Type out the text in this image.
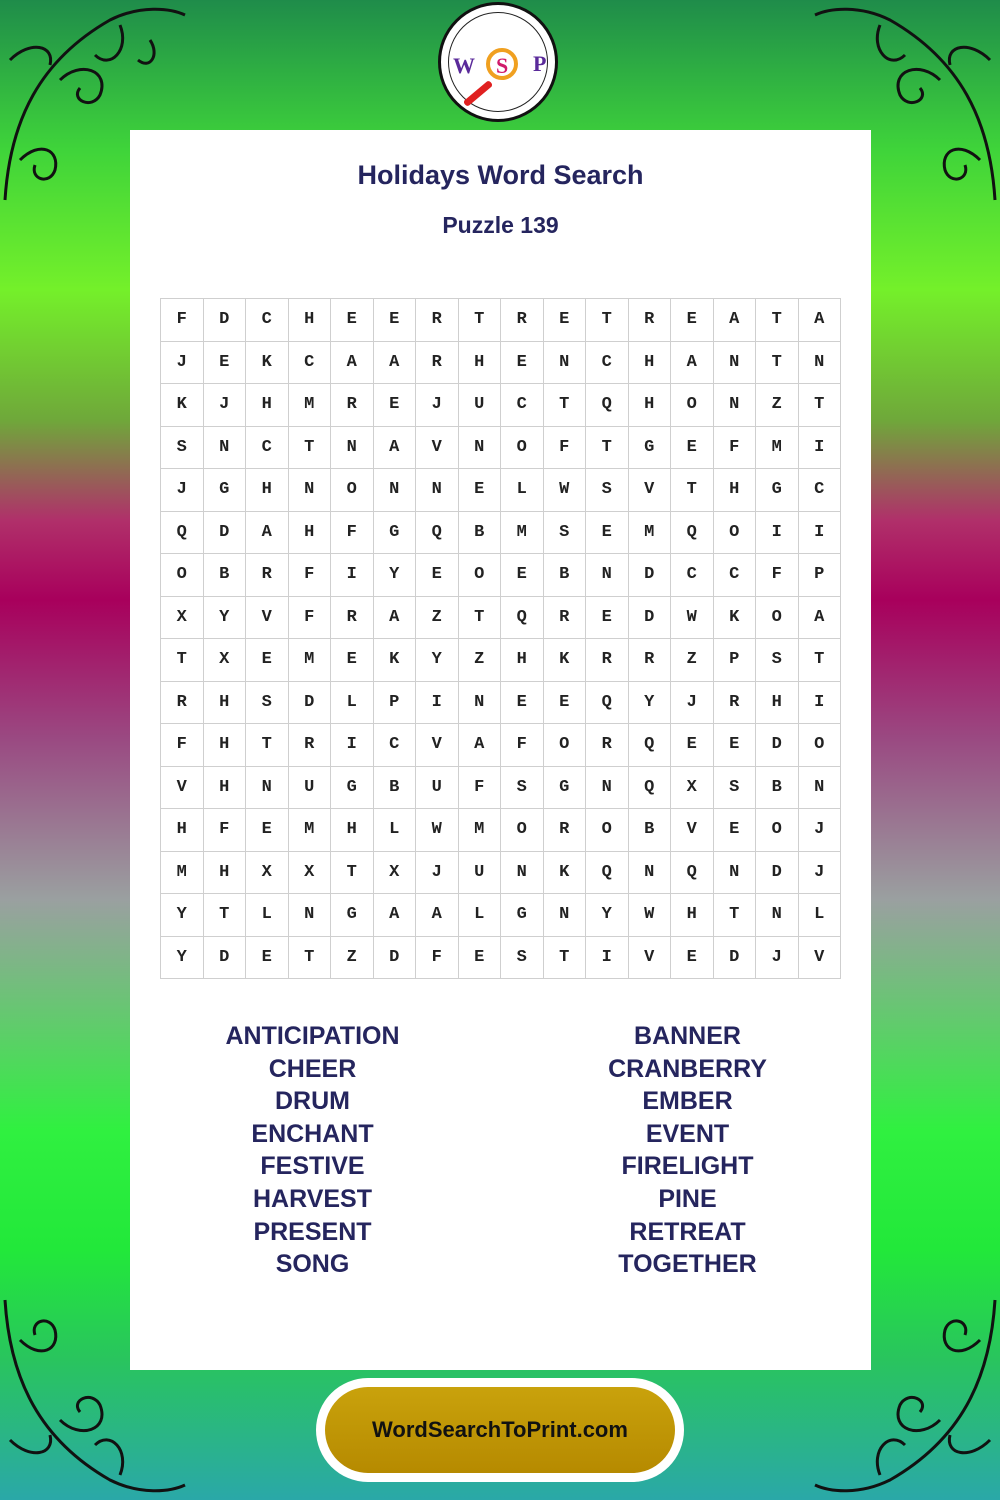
W S P
Holidays Word Search
Puzzle 139
F	D	C	H	E	E	R	T	R	E	T	R	E	A	T	A
J	E	K	C	A	A	R	H	E	N	C	H	A	N	T	N
K	J	H	M	R	E	J	U	C	T	Q	H	O	N	Z	T
S	N	C	T	N	A	V	N	O	F	T	G	E	F	M	I
J	G	H	N	O	N	N	E	L	W	S	V	T	H	G	C
Q	D	A	H	F	G	Q	B	M	S	E	M	Q	O	I	I
O	B	R	F	I	Y	E	O	E	B	N	D	C	C	F	P
X	Y	V	F	R	A	Z	T	Q	R	E	D	W	K	O	A
T	X	E	M	E	K	Y	Z	H	K	R	R	Z	P	S	T
R	H	S	D	L	P	I	N	E	E	Q	Y	J	R	H	I
F	H	T	R	I	C	V	A	F	O	R	Q	E	E	D	O
V	H	N	U	G	B	U	F	S	G	N	Q	X	S	B	N
H	F	E	M	H	L	W	M	O	R	O	B	V	E	O	J
M	H	X	X	T	X	J	U	N	K	Q	N	Q	N	D	J
Y	T	L	N	G	A	A	L	G	N	Y	W	H	T	N	L
Y	D	E	T	Z	D	F	E	S	T	I	V	E	D	J	V
ANTICIPATION
CHEER
DRUM
ENCHANT
FESTIVE
HARVEST
PRESENT
SONG
BANNER
CRANBERRY
EMBER
EVENT
FIRELIGHT
PINE
RETREAT
TOGETHER
WordSearchToPrint.com
